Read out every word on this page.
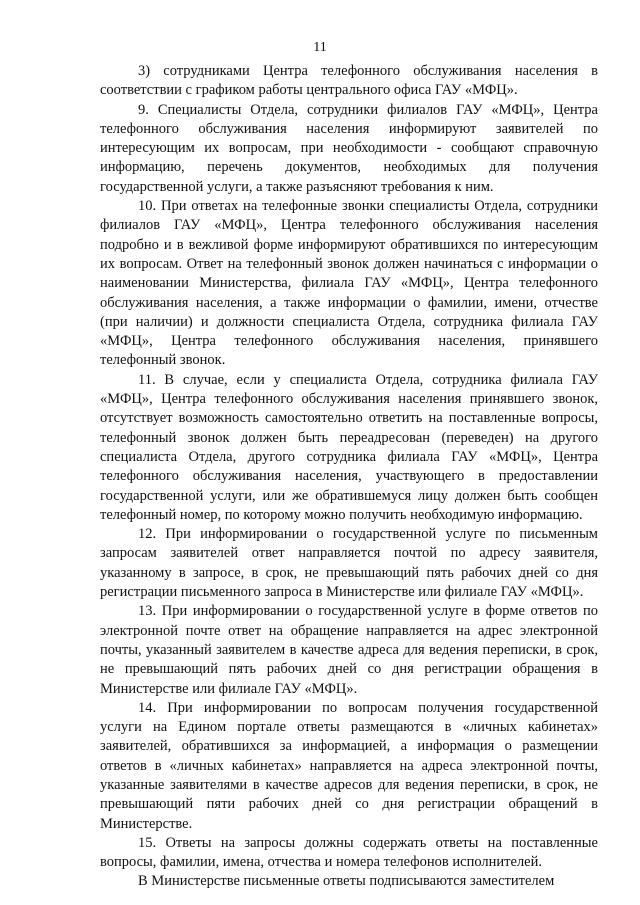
11

3) сотрудниками Центра телефонного обслуживания населения в соответствии с графиком работы центрального офиса ГАУ «МФЦ».

9. Специалисты Отдела, сотрудники филиалов ГАУ «МФЦ», Центра телефонного обслуживания населения информируют заявителей по интересующим их вопросам, при необходимости - сообщают справочную информацию, перечень документов, необходимых для получения государственной услуги, а также разъясняют требования к ним.

10. При ответах на телефонные звонки специалисты Отдела, сотрудники филиалов ГАУ «МФЦ», Центра телефонного обслуживания населения подробно и в вежливой форме информируют обратившихся по интересующим их вопросам. Ответ на телефонный звонок должен начинаться с информации о наименовании Министерства, филиала ГАУ «МФЦ», Центра телефонного обслуживания населения, а также информации о фамилии, имени, отчестве (при наличии) и должности специалиста Отдела, сотрудника филиала ГАУ «МФЦ», Центра телефонного обслуживания населения, принявшего телефонный звонок.

11. В случае, если у специалиста Отдела, сотрудника филиала ГАУ «МФЦ», Центра телефонного обслуживания населения принявшего звонок, отсутствует возможность самостоятельно ответить на поставленные вопросы, телефонный звонок должен быть переадресован (переведен) на другого специалиста Отдела, другого сотрудника филиала ГАУ «МФЦ», Центра телефонного обслуживания населения, участвующего в предоставлении государственной услуги, или же обратившемуся лицу должен быть сообщен телефонный номер, по которому можно получить необходимую информацию.

12. При информировании о государственной услуге по письменным запросам заявителей ответ направляется почтой по адресу заявителя, указанному в запросе, в срок, не превышающий пять рабочих дней со дня регистрации письменного запроса в Министерстве или филиале ГАУ «МФЦ».

13. При информировании о государственной услуге в форме ответов по электронной почте ответ на обращение направляется на адрес электронной почты, указанный заявителем в качестве адреса для ведения переписки, в срок, не превышающий пять рабочих дней со дня регистрации обращения в Министерстве или филиале ГАУ «МФЦ».

14. При информировании по вопросам получения государственной услуги на Едином портале ответы размещаются в «личных кабинетах» заявителей, обратившихся за информацией, а информация о размещении ответов в «личных кабинетах» направляется на адреса электронной почты, указанные заявителями в качестве адресов для ведения переписки, в срок, не превышающий пяти рабочих дней со дня регистрации обращений в Министерстве.

15. Ответы на запросы должны содержать ответы на поставленные вопросы, фамилии, имена, отчества и номера телефонов исполнителей.

В Министерстве письменные ответы подписываются заместителем
